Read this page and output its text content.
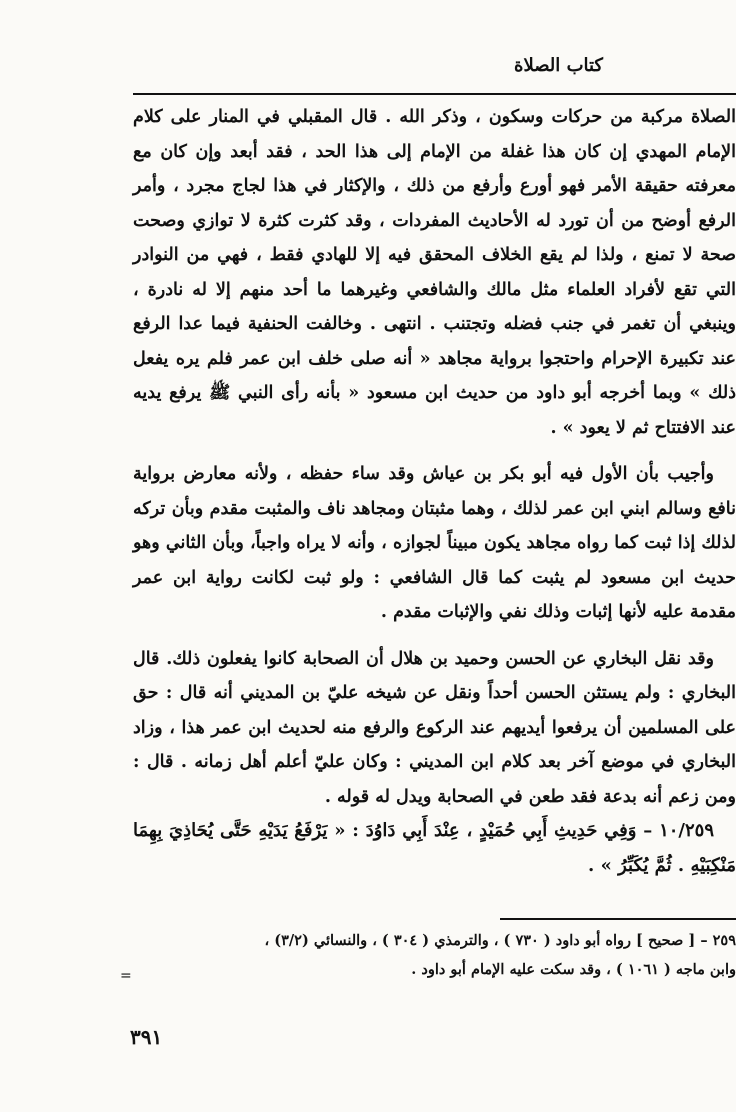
كتاب الصلاة

الصلاة مركبة من حركات وسكون ، وذكر الله . قال المقبلي في المنار على كلام الإمام المهدي إن كان هذا غفلة من الإمام إلى هذا الحد ، فقد أبعد وإن كان مع معرفته حقيقة الأمر فهو أورع وأرفع من ذلك ، والإكثار في هذا لجاج مجرد ، وأمر الرفع أوضح من أن تورد له الأحاديث المفردات ، وقد كثرت كثرة لا توازي وصحت صحة لا تمنع ، ولذا لم يقع الخلاف المحقق فيه إلا للهادي فقط ، فهي من النوادر التي تقع لأفراد العلماء مثل مالك والشافعي وغيرهما ما أحد منهم إلا له نادرة ، وينبغي أن تغمر في جنب فضله وتجتنب . انتهى . وخالفت الحنفية فيما عدا الرفع عند تكبيرة الإحرام واحتجوا برواية مجاهد « أنه صلى خلف ابن عمر فلم يره يفعل ذلك » وبما أخرجه أبو داود من حديث ابن مسعود « بأنه رأى النبي ﷺ يرفع يديه عند الافتتاح ثم لا يعود » .

وأجيب بأن الأول فيه أبو بكر بن عياش وقد ساء حفظه ، ولأنه معارض برواية نافع وسالم ابني ابن عمر لذلك ، وهما مثبتان ومجاهد ناف والمثبت مقدم وبأن تركه لذلك إذا ثبت كما رواه مجاهد يكون مبيناً لجوازه ، وأنه لا يراه واجباً، وبأن الثاني وهو حديث ابن مسعود لم يثبت كما قال الشافعي : ولو ثبت لكانت رواية ابن عمر مقدمة عليه لأنها إثبات وذلك نفي والإثبات مقدم .

وقد نقل البخاري عن الحسن وحميد بن هلال أن الصحابة كانوا يفعلون ذلك. قال البخاري : ولم يستثن الحسن أحداً ونقل عن شيخه عليّ بن المديني أنه قال : حق على المسلمين أن يرفعوا أيديهم عند الركوع والرفع منه لحديث ابن عمر هذا ، وزاد البخاري في موضع آخر بعد كلام ابن المديني : وكان عليّ أعلم أهل زمانه . قال : ومن زعم أنه بدعة فقد طعن في الصحابة ويدل له قوله .

١٠/٢٥٩ – وَفِي حَدِيثِ أَبِي حُمَيْدٍ ، عِنْدَ أَبِي دَاوُدَ : « يَرْفَعُ يَدَيْهِ حَتَّى يُحَاذِيَ بِهِمَا مَنْكِبَيْهِ . ثُمَّ يُكَبِّرُ » .

٢٥٩ – [ صحيح ] رواه أبو داود ( ٧٣٠ ) ، والترمذي ( ٣٠٤ ) ، والنسائي (٣/٢) ،

وابن ماجه ( ١٠٦١ ) ، وقد سكت عليه الإمام أبو داود .

=
٣٩١
